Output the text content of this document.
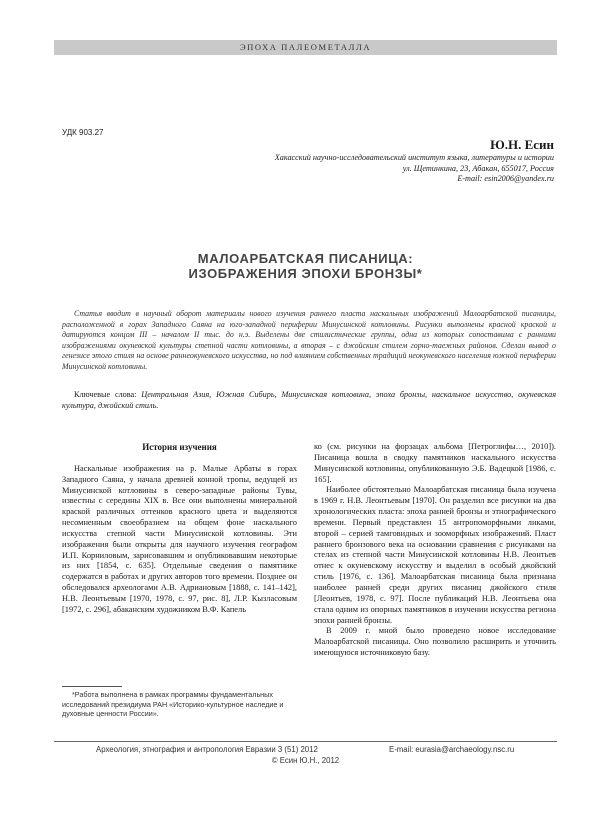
ЭПОХА ПАЛЕОМЕТАЛЛА
УДК 903.27
Ю.Н. Есин
Хакасский научно-исследовательский институт языка, литературы и истории
ул. Щетинкина, 23, Абакан, 655017, Россия
E-mail: esin2006@yandex.ru
МАЛОАРБАТСКАЯ ПИСАНИЦА:
ИЗОБРАЖЕНИЯ ЭПОХИ БРОНЗЫ*
Статья вводит в научный оборот материалы нового изучения раннего пласта наскальных изображений Малоарбатской писаницы, расположенной в горах Западного Саяна на юго-западной периферии Минусинской котловины. Рисунки выполнены красной краской и датируются концом III – началом II тыс. до н.э. Выделены две стилистические группы, одна из которых сопоставима с ранними изображениями окуневской культуры степной части котловины, а вторая – с джойским стилем горно-таежных районов. Сделан вывод о генезисе этого стиля на основе раннеокуневского искусства, но под влиянием собственных традиций неокуневского населения южной периферии Минусинской котловины.
Ключевые слова: Центральная Азия, Южная Сибирь, Минусинская котловина, эпоха бронзы, наскальное искусство, окуневская культура, джойский стиль.
История изучения

Наскальные изображения на р. Малые Арбаты в горах Западного Саяна, у начала древней конной тропы, ведущей из Минусинской котловины в северо-западные районы Тувы, известны с середины XIX в. Все они выполнены минеральной краской различных оттенков красного цвета и выделяются несомненным своеобразием на общем фоне наскального искусства степной части Минусинской котловины. Эти изображения были открыты для научного изучения географом И.П. Корниловым, зарисовавшим и опубликовавшим некоторые из них [1854, с. 635]. Отдельные сведения о памятнике содержатся в работах и других авторов того времени. Позднее он обследовался археологами А.В. Адриановым [1888, с. 141–142], Н.В. Леонтьевым [1970, 1978, с. 97, рис. 8], Л.Р. Кызласовым [1972, с. 296], абаканским художником В.Ф. Капель

ко (см. рисунки на форзацах альбома [Петроглифы…, 2010]). Писаница вошла в сводку памятников наскального искусства Минусинской котловины, опубликованную Э.Б. Вадецкой [1986, с. 165].

Наиболее обстоятельно Малоарбатская писаница была изучена в 1969 г. Н.В. Леонтьевым [1970]. Он разделил все рисунки на два хронологических пласта: эпоха ранней бронзы и этнографического времени. Первый представлен 15 антропоморфными ликами, второй – серией тамговидных и зооморфных изображений. Пласт раннего бронзового века на основании сравнения с рисунками на стелах из степной части Минусинской котловины Н.В. Леонтьев отнес к окуневскому искусству и выделил в особый джойский стиль [1976, с. 136]. Малоарбатская писаница была признана наиболее ранней среди других писаниц джойского стиля [Леонтьев, 1978, с. 97]. После публикаций Н.В. Леонтьева она стала одним из опорных памятников в изучении искусства региона эпохи ранней бронзы.

В 2009 г. мной было проведено новое исследование Малоарбатской писаницы. Оно позволило расширить и уточнить имеющуюся источниковую базу.

*Работа выполнена в рамках программы фундаментальных исследований президиума РАН «Историко-культурное наследие и духовные ценности России».
Археология, этнография и антропология Евразии 3 (51) 2012	E-mail: eurasia@archaeology.nsc.ru
© Есин Ю.Н., 2012
